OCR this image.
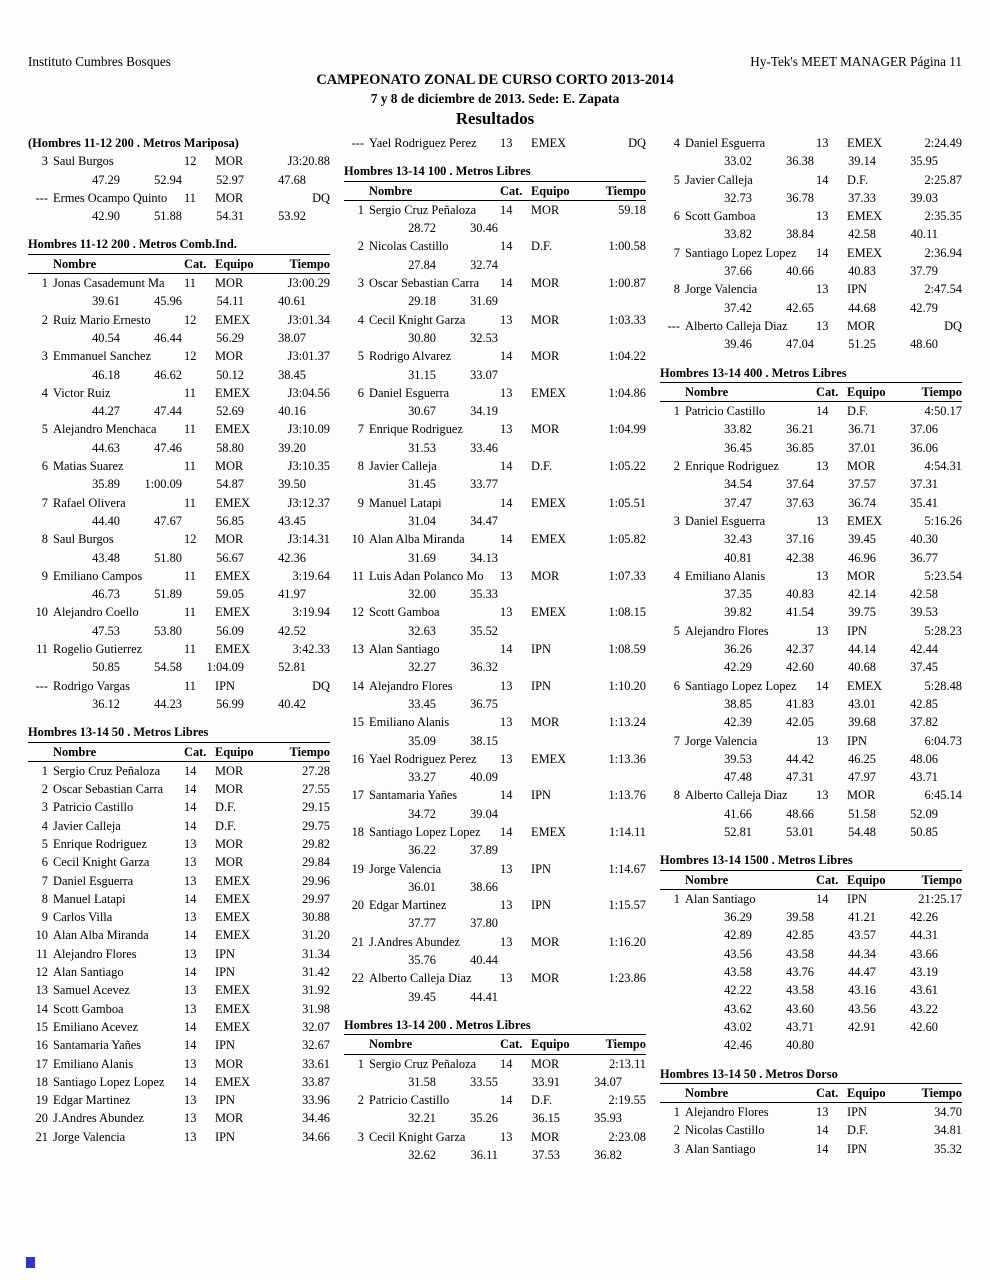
Instituto Cumbres Bosques	Hy-Tek's MEET MANAGER Página 11
CAMPEONATO ZONAL DE CURSO CORTO 2013-2014
7 y 8 de diciembre de 2013. Sede: E. Zapata
Resultados
(Hombres 11-12 200 . Metros Mariposa)
3 Saul Burgos	12	MOR	J3:20.88
47.29	52.94	52.97	47.68
--- Ermes Ocampo Quinto	11	MOR	DQ
42.90	51.88	54.31	53.92
Hombres 11-12 200 . Metros Comb.Ind.
Nombre	Cat. Equipo	Tiempo
1 Jonas Casademunt Ma	11	MOR	J3:00.29
39.61	45.96	54.11	40.61
2 Ruiz Mario Ernesto	12	EMEX	J3:01.34
40.54	46.44	56.29	38.07
3 Emmanuel Sanchez	12	MOR	J3:01.37
46.18	46.62	50.12	38.45
4 Victor Ruiz	11	EMEX	J3:04.56
44.27	47.44	52.69	40.16
5 Alejandro Menchaca	11	EMEX	J3:10.09
44.63	47.46	58.80	39.20
6 Matias Suarez	11	MOR	J3:10.35
35.89	1:00.09	54.87	39.50
7 Rafael Olivera	11	EMEX	J3:12.37
44.40	47.67	56.85	43.45
8 Saul Burgos	12	MOR	J3:14.31
43.48	51.80	56.67	42.36
9 Emiliano Campos	11	EMEX	3:19.64
46.73	51.89	59.05	41.97
10 Alejandro Coello	11	EMEX	3:19.94
47.53	53.80	56.09	42.52
11 Rogelio Gutierrez	11	EMEX	3:42.33
50.85	54.58	1:04.09	52.81
--- Rodrigo Vargas	11	IPN	DQ
36.12	44.23	56.99	40.42
Hombres 13-14 50 . Metros Libres
Nombre	Cat. Equipo	Tiempo
1 Sergio Cruz Peñaloza	14	MOR	27.28
2 Oscar Sebastian Carra	14	MOR	27.55
3 Patricio Castillo	14	D.F.	29.15
4 Javier Calleja	14	D.F.	29.75
5 Enrique Rodriguez	13	MOR	29.82
6 Cecil Knight Garza	13	MOR	29.84
7 Daniel Esguerra	13	EMEX	29.96
8 Manuel Latapi	14	EMEX	29.97
9 Carlos Villa	13	EMEX	30.88
10 Alan Alba Miranda	14	EMEX	31.20
11 Alejandro Flores	13	IPN	31.34
12 Alan Santiago	14	IPN	31.42
13 Samuel Acevez	13	EMEX	31.92
14 Scott Gamboa	13	EMEX	31.98
15 Emiliano Acevez	14	EMEX	32.07
16 Santamaria Yañes	14	IPN	32.67
17 Emiliano Alanis	13	MOR	33.61
18 Santiago Lopez Lopez	14	EMEX	33.87
19 Edgar Martinez	13	IPN	33.96
20 J.Andres Abundez	13	MOR	34.46
21 Jorge Valencia	13	IPN	34.66
--- Yael Rodriguez Perez	13	EMEX	DQ
Hombres 13-14 100 . Metros Libres
Nombre	Cat. Equipo	Tiempo
1 Sergio Cruz Peñaloza	14	MOR	59.18
28.72	30.46
2 Nicolas Castillo	14	D.F.	1:00.58
27.84	32.74
3 Oscar Sebastian Carra	14	MOR	1:00.87
29.18	31.69
4 Cecil Knight Garza	13	MOR	1:03.33
30.80	32.53
5 Rodrigo Alvarez	14	MOR	1:04.22
31.15	33.07
6 Daniel Esguerra	13	EMEX	1:04.86
30.67	34.19
7 Enrique Rodriguez	13	MOR	1:04.99
31.53	33.46
8 Javier Calleja	14	D.F.	1:05.22
31.45	33.77
9 Manuel Latapi	14	EMEX	1:05.51
31.04	34.47
10 Alan Alba Miranda	14	EMEX	1:05.82
31.69	34.13
11 Luis Adan Polanco Mo	13	MOR	1:07.33
32.00	35.33
12 Scott Gamboa	13	EMEX	1:08.15
32.63	35.52
13 Alan Santiago	14	IPN	1:08.59
32.27	36.32
14 Alejandro Flores	13	IPN	1:10.20
33.45	36.75
15 Emiliano Alanis	13	MOR	1:13.24
35.09	38.15
16 Yael Rodriguez Perez	13	EMEX	1:13.36
33.27	40.09
17 Santamaria Yañes	14	IPN	1:13.76
34.72	39.04
18 Santiago Lopez Lopez	14	EMEX	1:14.11
36.22	37.89
19 Jorge Valencia	13	IPN	1:14.67
36.01	38.66
20 Edgar Martinez	13	IPN	1:15.57
37.77	37.80
21 J.Andres Abundez	13	MOR	1:16.20
35.76	40.44
22 Alberto Calleja Diaz	13	MOR	1:23.86
39.45	44.41
Hombres 13-14 200 . Metros Libres
Nombre	Cat. Equipo	Tiempo
1 Sergio Cruz Peñaloza	14	MOR	2:13.11
31.58	33.55	33.91	34.07
2 Patricio Castillo	14	D.F.	2:19.55
32.21	35.26	36.15	35.93
3 Cecil Knight Garza	13	MOR	2:23.08
32.62	36.11	37.53	36.82
4 Daniel Esguerra	13	EMEX	2:24.49
33.02	36.38	39.14	35.95
5 Javier Calleja	14	D.F.	2:25.87
32.73	36.78	37.33	39.03
6 Scott Gamboa	13	EMEX	2:35.35
33.82	38.84	42.58	40.11
7 Santiago Lopez Lopez	14	EMEX	2:36.94
37.66	40.66	40.83	37.79
8 Jorge Valencia	13	IPN	2:47.54
37.42	42.65	44.68	42.79
--- Alberto Calleja Diaz	13	MOR	DQ
39.46	47.04	51.25	48.60
Hombres 13-14 400 . Metros Libres
Nombre	Cat. Equipo	Tiempo
1 Patricio Castillo	14	D.F.	4:50.17
33.82	36.21	36.71	37.06
36.45	36.85	37.01	36.06
2 Enrique Rodriguez	13	MOR	4:54.31
34.54	37.64	37.57	37.31
37.47	37.63	36.74	35.41
3 Daniel Esguerra	13	EMEX	5:16.26
32.43	37.16	39.45	40.30
40.81	42.38	46.96	36.77
4 Emiliano Alanis	13	MOR	5:23.54
37.35	40.83	42.14	42.58
39.82	41.54	39.75	39.53
5 Alejandro Flores	13	IPN	5:28.23
36.26	42.37	44.14	42.44
42.29	42.60	40.68	37.45
6 Santiago Lopez Lopez	14	EMEX	5:28.48
38.85	41.83	43.01	42.85
42.39	42.05	39.68	37.82
7 Jorge Valencia	13	IPN	6:04.73
39.53	44.42	46.25	48.06
47.48	47.31	47.97	43.71
8 Alberto Calleja Diaz	13	MOR	6:45.14
41.66	48.66	51.58	52.09
52.81	53.01	54.48	50.85
Hombres 13-14 1500 . Metros Libres
Nombre	Cat. Equipo	Tiempo
1 Alan Santiago	14	IPN	21:25.17
36.29	39.58	41.21	42.26
42.89	42.85	43.57	44.31
43.56	43.58	44.34	43.66
43.58	43.76	44.47	43.19
42.22	43.58	43.16	43.61
43.62	43.60	43.56	43.22
43.02	43.71	42.91	42.60
42.46	40.80
Hombres 13-14 50 . Metros Dorso
Nombre	Cat. Equipo	Tiempo
1 Alejandro Flores	13	IPN	34.70
2 Nicolas Castillo	14	D.F.	34.81
3 Alan Santiago	14	IPN	35.32
